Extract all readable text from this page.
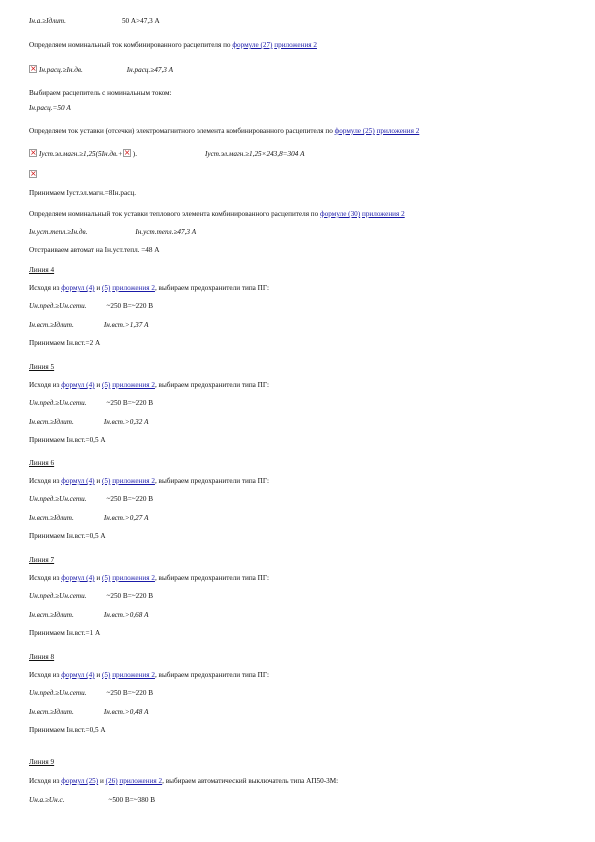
Iн.а.≥Iдлит.	50 А>47,3 А
Определяем номинальный ток комбинированного расцепителя по формуле (27) приложения 2
×Iн.расц.≥Iн.дв.	Iн.расц.≥47,3 А
Выбираем расцепитель с номинальным током:
Iн.расц.=50 А
Определяем ток уставки (отсечки) электромагнитного элемента комбинированного расцепителя по формуле (25) приложения 2
×Iуст.эл.магн.≥1,25(5Iн.дв.+× ).	Iуст.эл.магн.≥1,25×243,8=304 А
×
Принимаем Iуст.эл.магн.=8Iн.расц.
Определяем номинальный ток уставки теплового элемента комбинированного расцепителя по формуле (30) приложения 2
Iн.уст.тепл.≥Iн.дв.	Iн.уст.тепл.≥47,3 А
Отстраиваем автомат на Iн.уст.тепл. =48 А
Линия 4
Исходя из формул (4) и (5) приложения 2, выбираем предохранители типа ПГ:
Uн.пред.≥Uн.сети.	~250 В=~220 В
Iн.вст.≥Iдлит.	Iн.вст.>1,37 А
Принимаем Iн.вст.=2 А
Линия 5
Исходя из формул (4) и (5) приложения 2, выбираем предохранители типа ПГ:
Uн.пред.≥Uн.сети.	~250 В=~220 В
Iн.вст.≥Iдлит.	Iн.вст.>0,32 А
Принимаем Iн.вст.=0,5 А
Линия 6
Исходя из формул (4) и (5) приложения 2, выбираем предохранители типа ПГ:
Uн.пред.≥Uн.сети.	~250 В=~220 В
Iн.вст.≥Iдлит.	Iн.вст.>0,27 А
Принимаем Iн.вст.=0,5 А
Линия 7
Исходя из формул (4) и (5) приложения 2, выбираем предохранители типа ПГ:
Uн.пред.≥Uн.сети.	~250 В=~220 В
Iн.вст.≥Iдлит.	Iн.вст.>0,68 А
Принимаем Iн.вст.=1 А
Линия 8
Исходя из формул (4) и (5) приложения 2, выбираем предохранители типа ПГ:
Uн.пред.≥Uн.сети.	~250 В=~220 В
Iн.вст.≥Iдлит.	Iн.вст.>0,48 А
Принимаем Iн.вст.=0,5 А
Линия 9
Исходя из формул (25) и (26) приложения 2, выбираем автоматический выключатель типа АП50-3М:
Uн.а.≥Uн.с.	~500 В=~380 В
